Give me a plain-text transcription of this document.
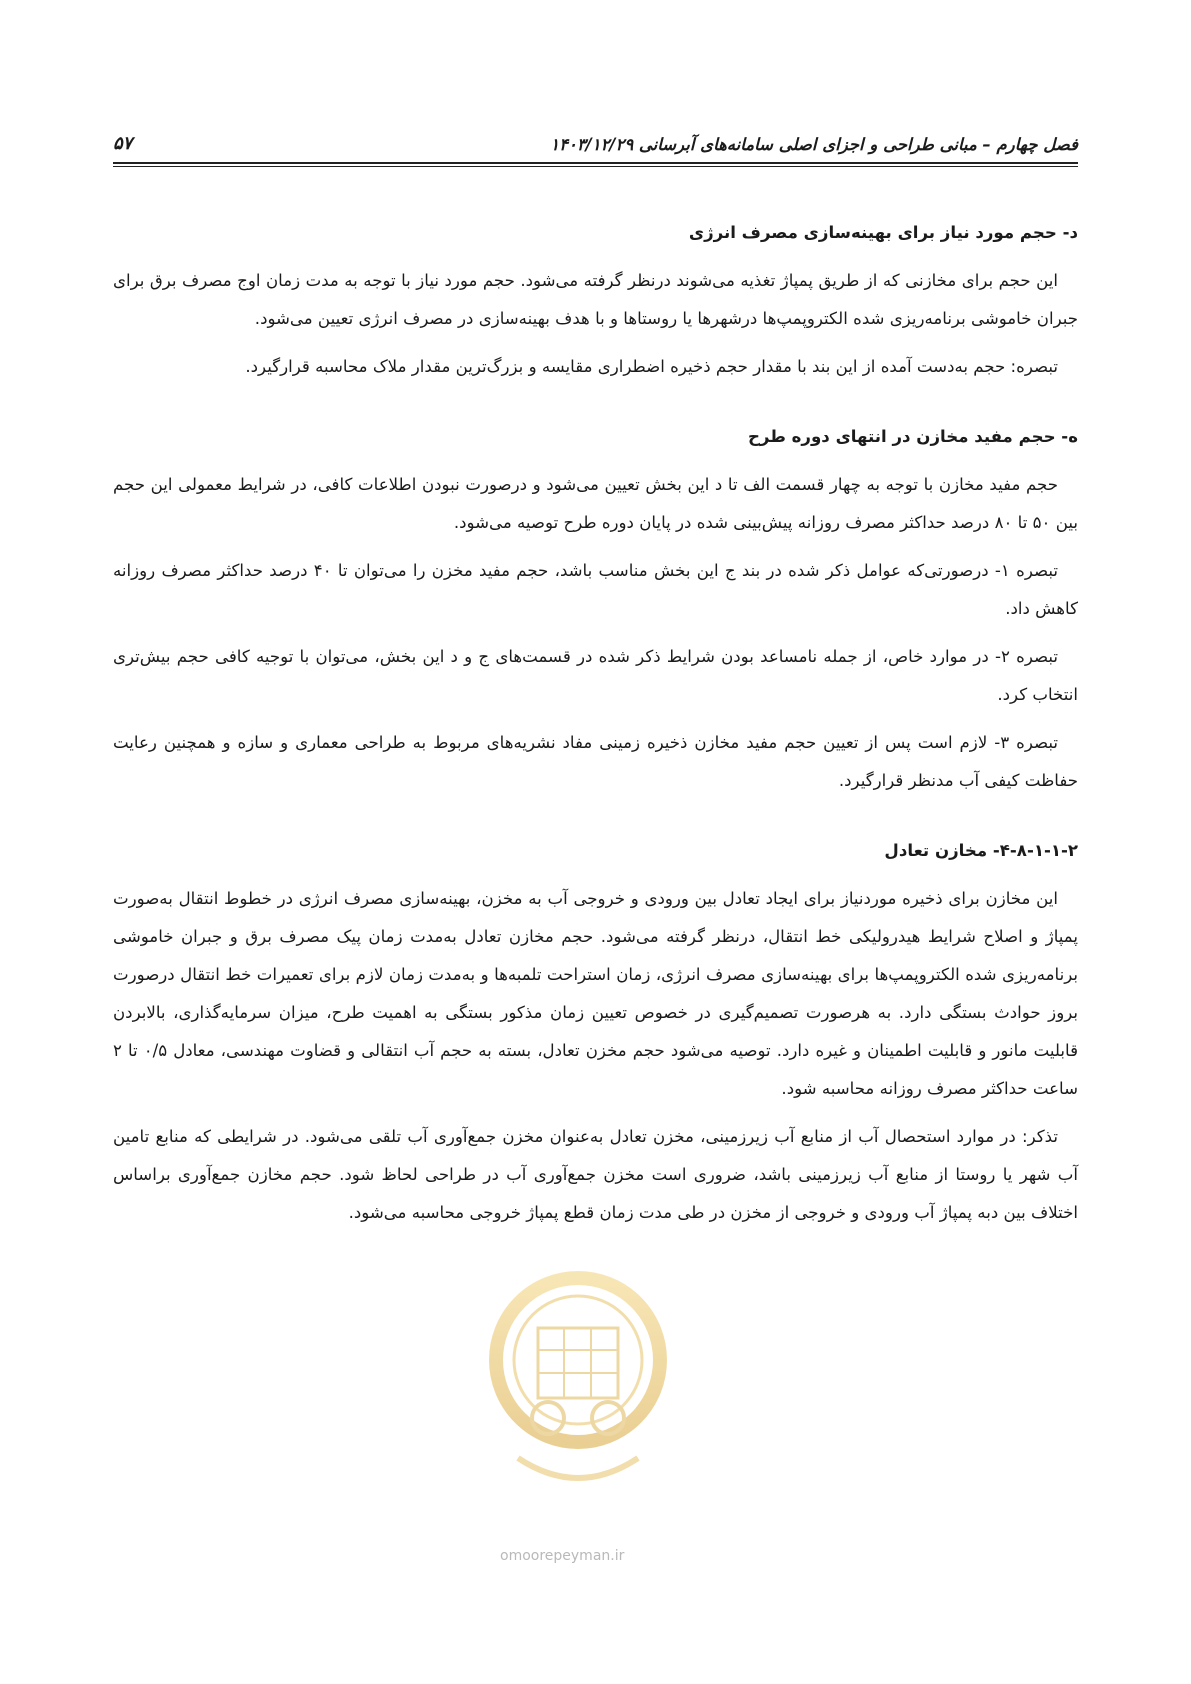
فصل چهارم – مبانی طراحی و اجزای اصلی سامانه‌های آبرسانی ۱۴۰۳/۱۲/۲۹
۵۷
د- حجم مورد نیاز برای بهینه‌سازی مصرف انرژی

این حجم برای مخازنی که از طریق پمپاژ تغذیه می‌شوند درنظر گرفته می‌شود. حجم مورد نیاز با توجه به مدت زمان اوج مصرف برق برای جبران خاموشی برنامه‌ریزی شده الکتروپمپ‌ها درشهرها یا روستاها و با هدف بهینه‌سازی در مصرف انرژی تعیین می‌شود.

تبصره: حجم به‌دست آمده از این بند با مقدار حجم ذخیره اضطراری مقایسه و بزرگ‌ترین مقدار ملاک محاسبه قرارگیرد.

ه- حجم مفید مخازن در انتهای دوره طرح

حجم مفید مخازن با توجه به چهار قسمت الف تا د این بخش تعیین می‌شود و درصورت نبودن اطلاعات کافی، در شرایط معمولی این حجم بین ۵۰ تا ۸۰ درصد حداکثر مصرف روزانه پیش‌بینی شده در پایان دوره طرح توصیه می‌شود.

تبصره ۱- درصورتی‌که عوامل ذکر شده در بند ج این بخش مناسب باشد، حجم مفید مخزن را می‌توان تا ۴۰ درصد حداکثر مصرف روزانه کاهش داد.

تبصره ۲- در موارد خاص، از جمله نامساعد بودن شرایط ذکر شده در قسمت‌های ج و د این بخش، می‌توان با توجیه کافی حجم بیش‌تری انتخاب کرد.

تبصره ۳- لازم است پس از تعیین حجم مفید مخازن ذخیره زمینی مفاد نشریه‌های مربوط به طراحی معماری و سازه و همچنین رعایت حفاظت کیفی آب مدنظر قرارگیرد.

۴-۸-۱-۱-۲- مخازن تعادل

این مخازن برای ذخیره موردنیاز برای ایجاد تعادل بین ورودی و خروجی آب به مخزن، بهینه‌سازی مصرف انرژی در خطوط انتقال به‌صورت پمپاژ و اصلاح شرایط هیدرولیکی خط انتقال، درنظر گرفته می‌شود. حجم مخازن تعادل به‌مدت زمان پیک مصرف برق و جبران خاموشی برنامه‌ریزی شده الکتروپمپ‌ها برای بهینه‌سازی مصرف انرژی، زمان استراحت تلمبه‌ها و به‌مدت زمان لازم برای تعمیرات خط انتقال درصورت بروز حوادث بستگی دارد. به هرصورت تصمیم‌گیری در خصوص تعیین زمان مذکور بستگی به اهمیت طرح، میزان سرمایه‌گذاری، بالابردن قابلیت مانور و قابلیت اطمینان و غیره دارد. توصیه می‌شود حجم مخزن تعادل، بسته به حجم آب انتقالی و قضاوت مهندسی، معادل ۰/۵ تا ۲ ساعت حداکثر مصرف روزانه محاسبه شود.

تذکر: در موارد استحصال آب از منابع آب زیرزمینی، مخزن تعادل به‌عنوان مخزن جمع‌آوری آب تلقی می‌شود. در شرایطی که منابع تامین آب شهر یا روستا از منابع آب زیرزمینی باشد، ضروری است مخزن جمع‌آوری آب در طراحی لحاظ شود. حجم مخازن جمع‌آوری براساس اختلاف بین دبه پمپاژ آب ورودی و خروجی از مخزن در طی مدت زمان قطع پمپاژ خروجی محاسبه می‌شود.

omoorepeyman.ir
